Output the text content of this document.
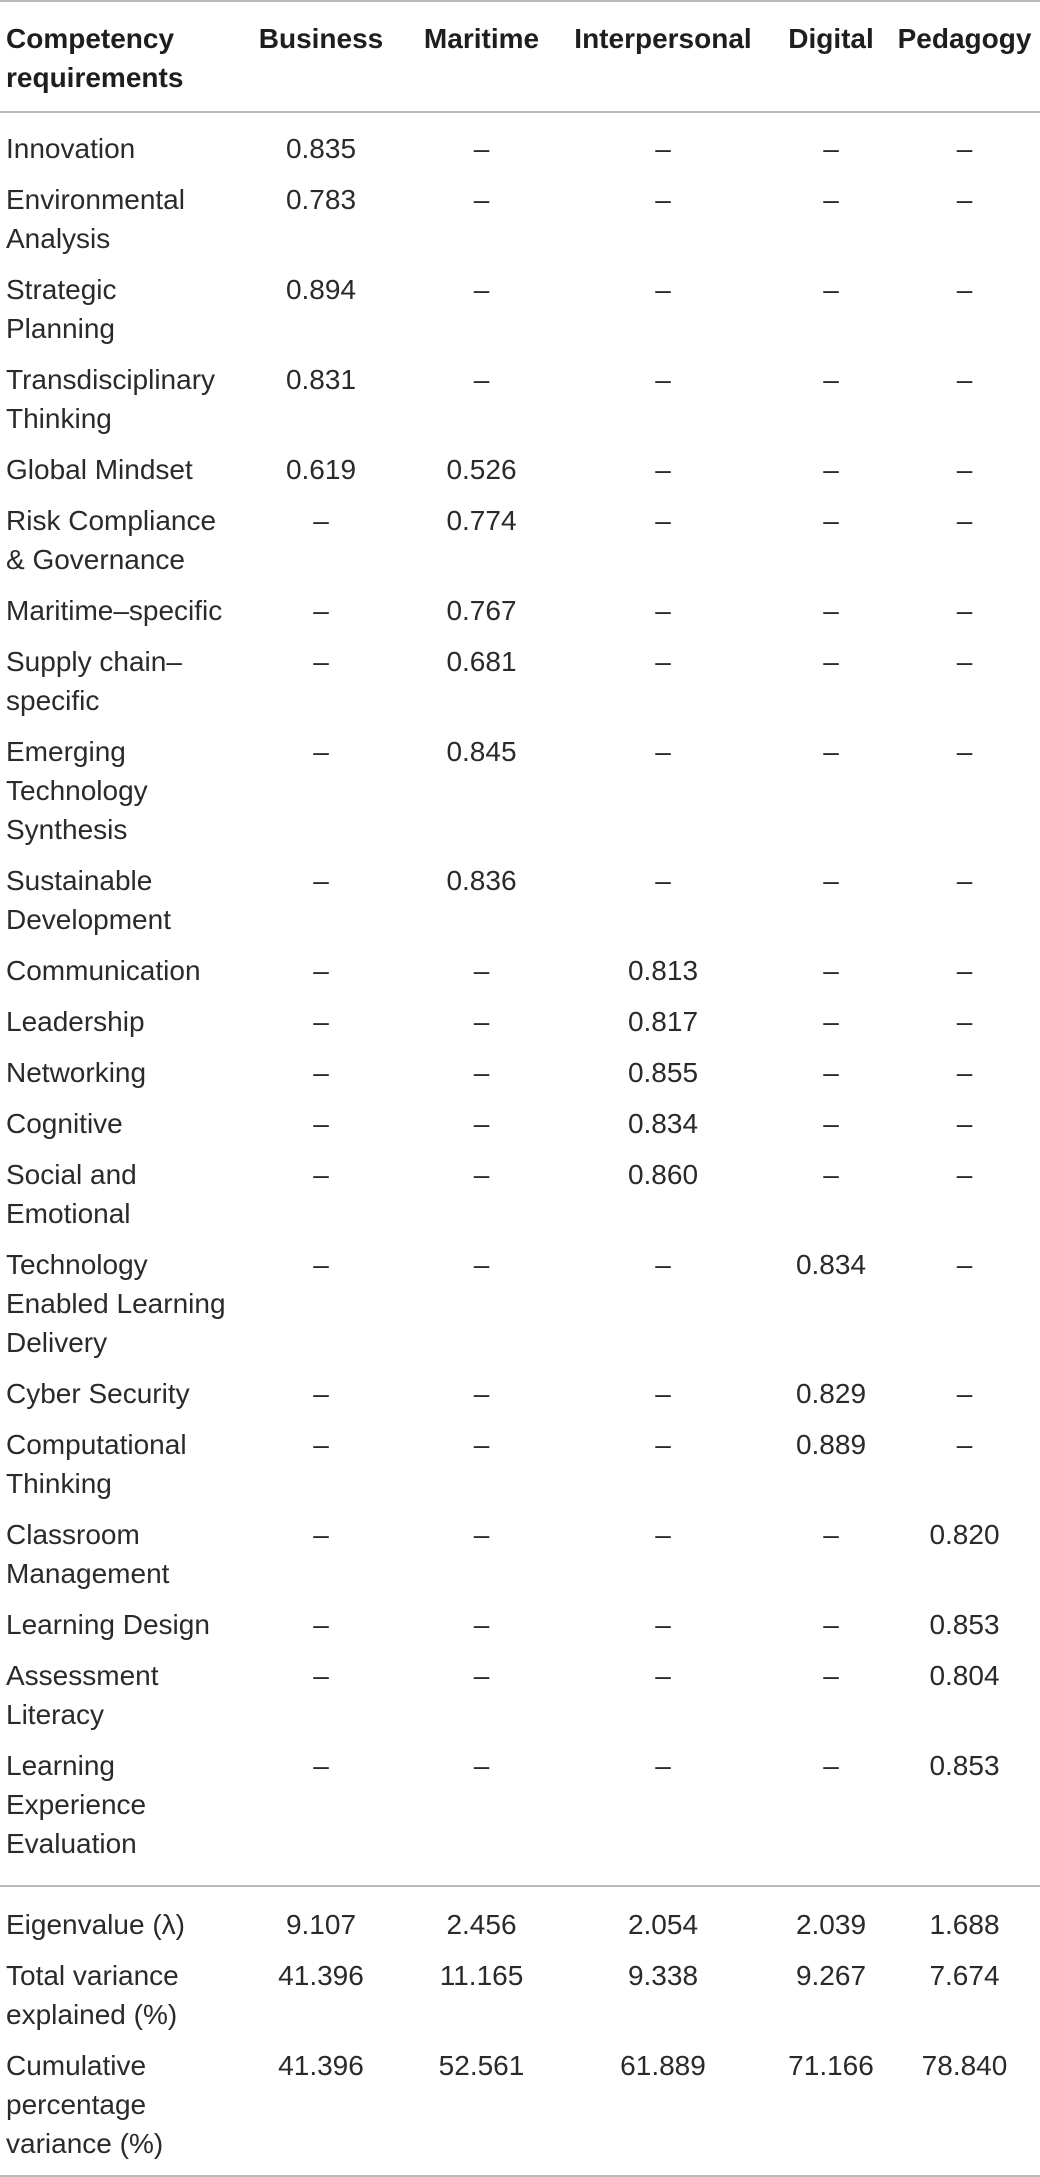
Competency requirements	Business	Maritime	Interpersonal	Digital	Pedagogy
Innovation	0.835	–	–	–	–
Environmental Analysis	0.783	–	–	–	–
Strategic Planning	0.894	–	–	–	–
Transdisciplinary Thinking	0.831	–	–	–	–
Global Mindset	0.619	0.526	–	–	–
Risk Compliance & Governance	–	0.774	–	–	–
Maritime–specific	–	0.767	–	–	–
Supply chain–specific	–	0.681	–	–	–
Emerging Technology Synthesis	–	0.845	–	–	–
Sustainable Development	–	0.836	–	–	–
Communication	–	–	0.813	–	–
Leadership	–	–	0.817	–	–
Networking	–	–	0.855	–	–
Cognitive	–	–	0.834	–	–
Social and Emotional	–	–	0.860	–	–
Technology Enabled Learning Delivery	–	–	–	0.834	–
Cyber Security	–	–	–	0.829	–
Computational Thinking	–	–	–	0.889	–
Classroom Management	–	–	–	–	0.820
Learning Design	–	–	–	–	0.853
Assessment Literacy	–	–	–	–	0.804
Learning Experience Evaluation	–	–	–	–	0.853
Eigenvalue (λ)	9.107	2.456	2.054	2.039	1.688
Total variance explained (%)	41.396	11.165	9.338	9.267	7.674
Cumulative percentage variance (%)	41.396	52.561	61.889	71.166	78.840
